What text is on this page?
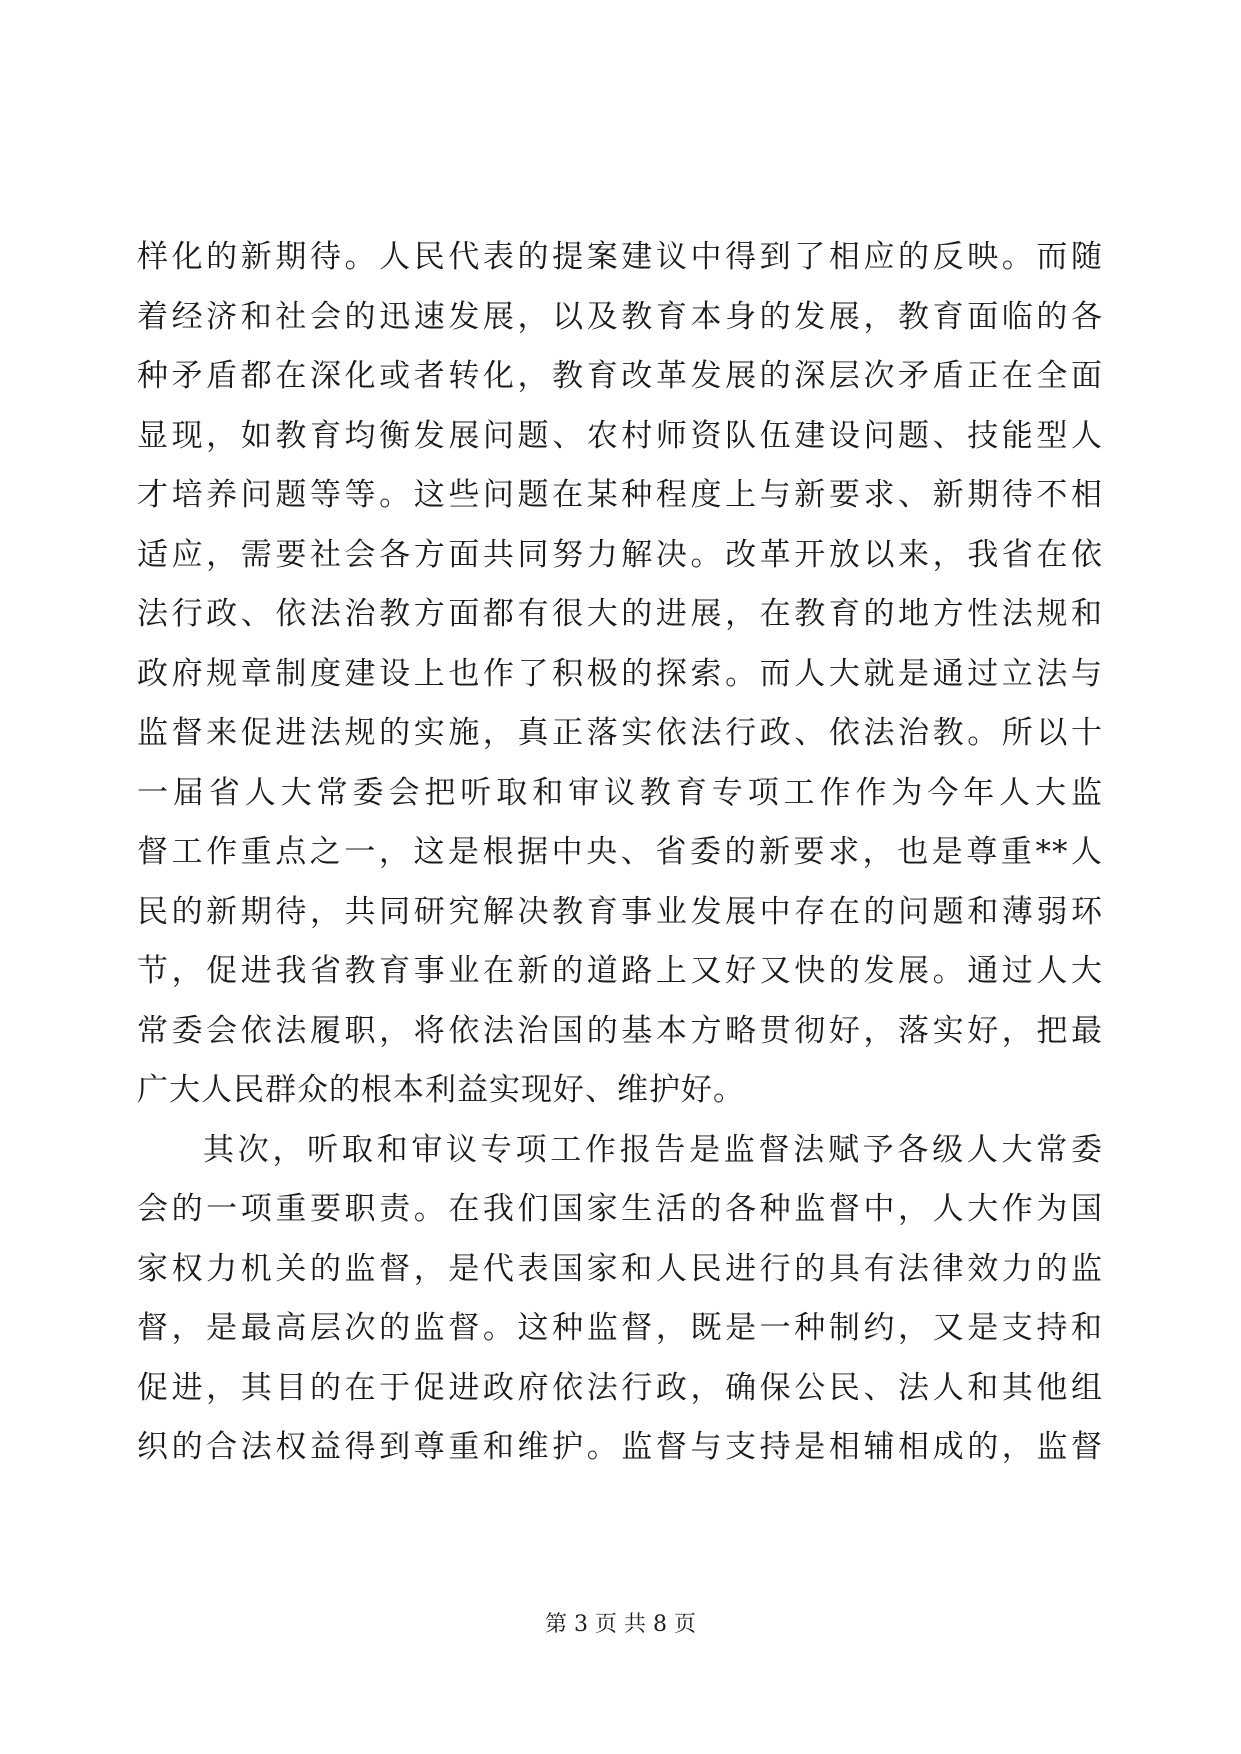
样化的新期待。人民代表的提案建议中得到了相应的反映。而随
着经济和社会的迅速发展，以及教育本身的发展，教育面临的各
种矛盾都在深化或者转化，教育改革发展的深层次矛盾正在全面
显现，如教育均衡发展问题、农村师资队伍建设问题、技能型人
才培养问题等等。这些问题在某种程度上与新要求、新期待不相
适应，需要社会各方面共同努力解决。改革开放以来，我省在依
法行政、依法治教方面都有很大的进展，在教育的地方性法规和
政府规章制度建设上也作了积极的探索。而人大就是通过立法与
监督来促进法规的实施，真正落实依法行政、依法治教。所以十
一届省人大常委会把听取和审议教育专项工作作为今年人大监
督工作重点之一，这是根据中央、省委的新要求，也是尊重**人
民的新期待，共同研究解决教育事业发展中存在的问题和薄弱环
节，促进我省教育事业在新的道路上又好又快的发展。通过人大
常委会依法履职，将依法治国的基本方略贯彻好，落实好，把最
广大人民群众的根本利益实现好、维护好。
其次，听取和审议专项工作报告是监督法赋予各级人大常委
会的一项重要职责。在我们国家生活的各种监督中，人大作为国
家权力机关的监督，是代表国家和人民进行的具有法律效力的监
督，是最高层次的监督。这种监督，既是一种制约，又是支持和
促进，其目的在于促进政府依法行政，确保公民、法人和其他组
织的合法权益得到尊重和维护。监督与支持是相辅相成的，监督
第 3 页 共 8 页
